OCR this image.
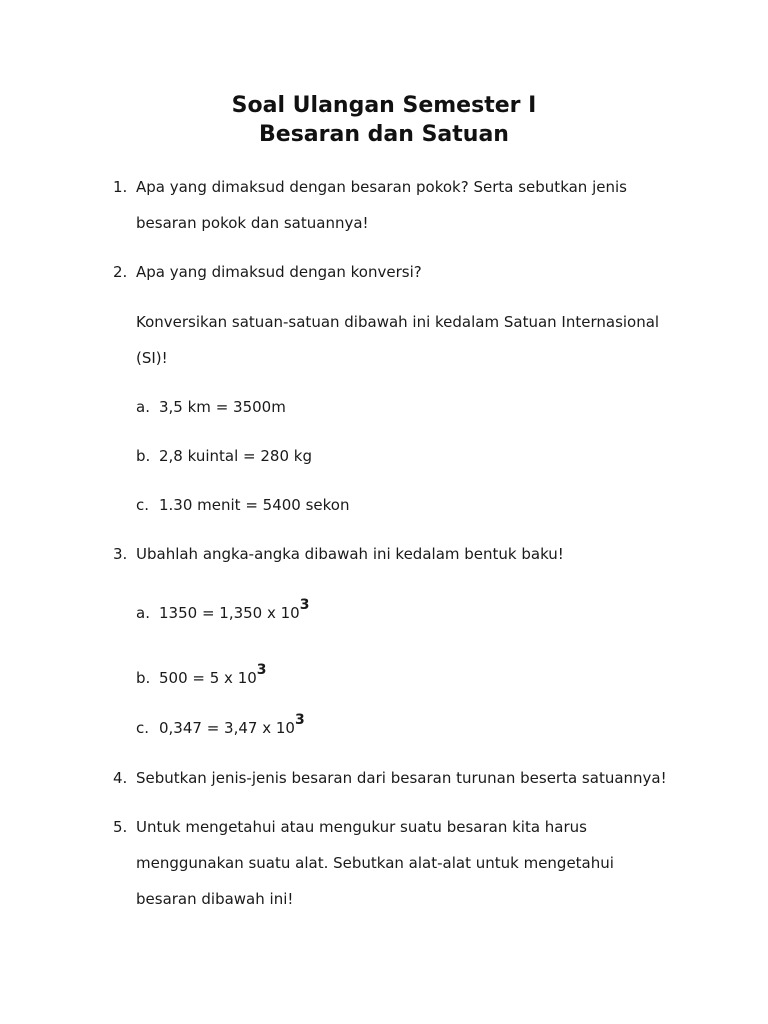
Soal Ulangan Semester I
Besaran dan Satuan
1. Apa yang dimaksud dengan besaran pokok? Serta sebutkan jenis

besaran pokok dan satuannya!

2. Apa yang dimaksud dengan konversi?

Konversikan satuan-satuan dibawah ini kedalam Satuan Internasional

(SI)!

a. 3,5 km = 3500m
b. 2,8 kuintal = 280 kg
c. 1.30 menit = 5400 sekon
3. Ubahlah angka-angka dibawah ini kedalam bentuk baku!

a. 1350 = 1,350 x 103
b. 500 = 5 x 103
c. 0,347 = 3,47 x 103
4. Sebutkan jenis-jenis besaran dari besaran turunan beserta satuannya!

5. Untuk mengetahui atau mengukur suatu besaran kita harus

menggunakan suatu alat. Sebutkan alat-alat untuk mengetahui

besaran dibawah ini!
